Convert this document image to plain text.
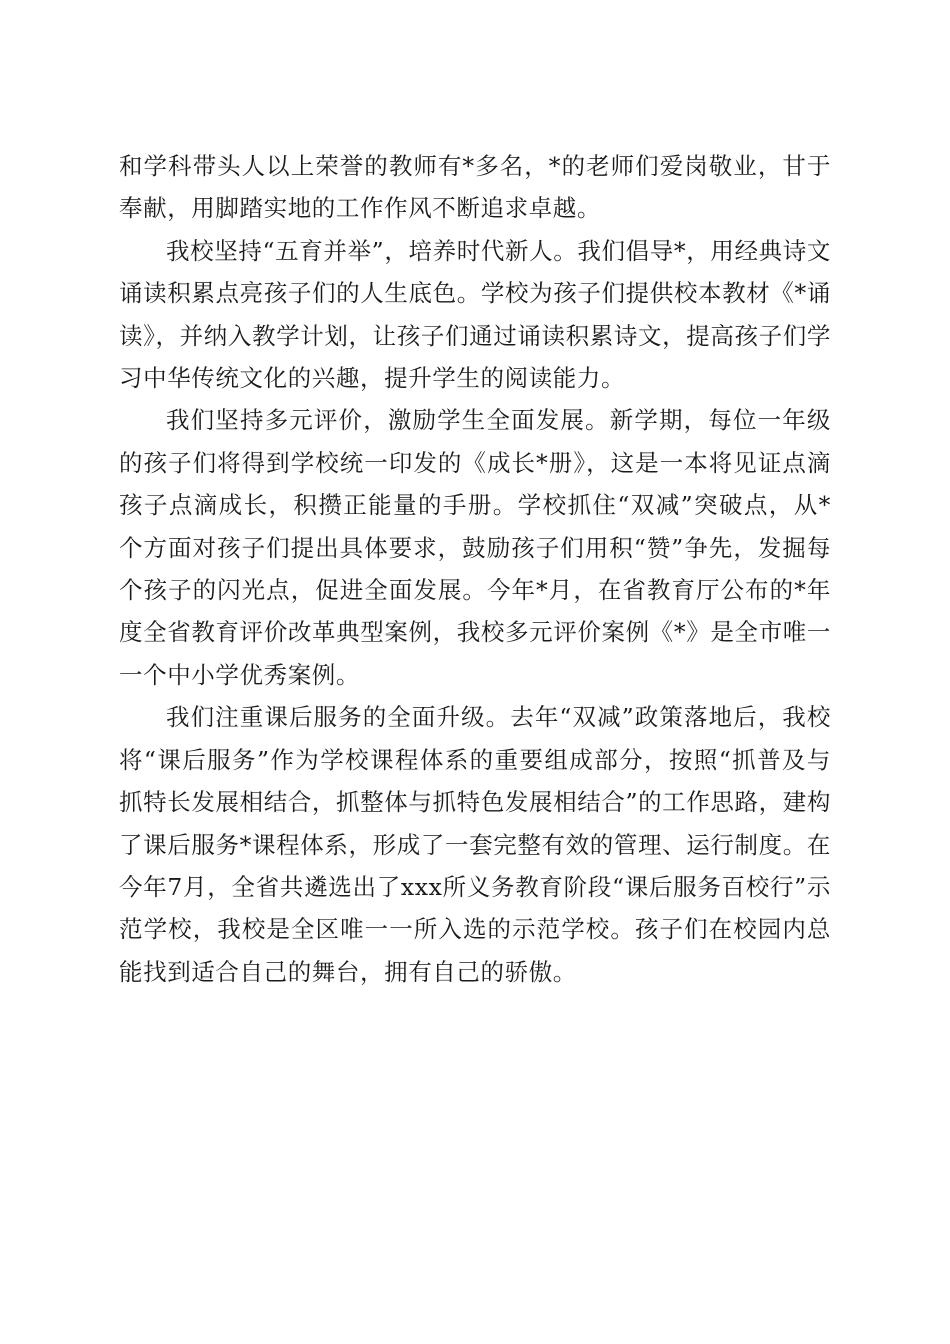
和学科带头人以上荣誉的教师有*多名，*的老师们爱岗敬业，甘于奉献，用脚踏实地的工作作风不断追求卓越。

我校坚持“五育并举”，培养时代新人。我们倡导*，用经典诗文诵读积累点亮孩子们的人生底色。学校为孩子们提供校本教材《*诵读》，并纳入教学计划，让孩子们通过诵读积累诗文，提高孩子们学习中华传统文化的兴趣，提升学生的阅读能力。

我们坚持多元评价，激励学生全面发展。新学期，每位一年级的孩子们将得到学校统一印发的《成长*册》，这是一本将见证点滴孩子点滴成长，积攒正能量的手册。学校抓住“双减”突破点，从*个方面对孩子们提出具体要求，鼓励孩子们用积“赞”争先，发掘每个孩子的闪光点，促进全面发展。今年*月，在省教育厅公布的*年度全省教育评价改革典型案例，我校多元评价案例《*》是全市唯一一个中小学优秀案例。

我们注重课后服务的全面升级。去年“双减”政策落地后，我校将“课后服务”作为学校课程体系的重要组成部分，按照“抓普及与抓特长发展相结合，抓整体与抓特色发展相结合”的工作思路，建构了课后服务*课程体系，形成了一套完整有效的管理、运行制度。在今年7月，全省共遴选出了xxx所义务教育阶段“课后服务百校行”示范学校，我校是全区唯一一所入选的示范学校。孩子们在校园内总能找到适合自己的舞台，拥有自己的骄傲。
